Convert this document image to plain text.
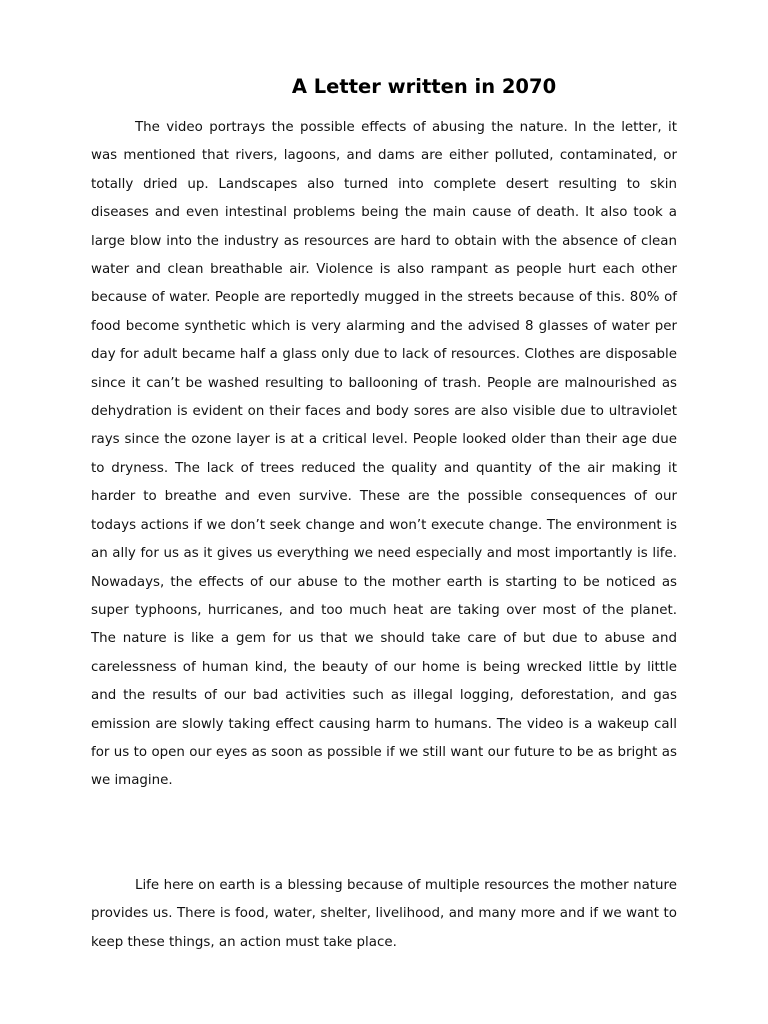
A Letter written in 2070

The video portrays the possible effects of abusing the nature. In the letter, it was mentioned that rivers, lagoons, and dams are either polluted, contaminated, or totally dried up. Landscapes also turned into complete desert resulting to skin diseases and even intestinal problems being the main cause of death. It also took a large blow into the industry as resources are hard to obtain with the absence of clean water and clean breathable air. Violence is also rampant as people hurt each other because of water. People are reportedly mugged in the streets because of this. 80% of food become synthetic which is very alarming and the advised 8 glasses of water per day for adult became half a glass only due to lack of resources. Clothes are disposable since it can’t be washed resulting to ballooning of trash. People are malnourished as dehydration is evident on their faces and body sores are also visible due to ultraviolet rays since the ozone layer is at a critical level. People looked older than their age due to dryness. The lack of trees reduced the quality and quantity of the air making it harder to breathe and even survive. These are the possible consequences of our todays actions if we don’t seek change and won’t execute change. The environment is an ally for us as it gives us everything we need especially and most importantly is life. Nowadays, the effects of our abuse to the mother earth is starting to be noticed as super typhoons, hurricanes, and too much heat are taking over most of the planet. The nature is like a gem for us that we should take care of but due to abuse and carelessness of human kind, the beauty of our home is being wrecked little by little and the results of our bad activities such as illegal logging, deforestation, and gas emission are slowly taking effect causing harm to humans. The video is a wakeup call for us to open our eyes as soon as possible if we still want our future to be as bright as we imagine.

Life here on earth is a blessing because of multiple resources the mother nature provides us. There is food, water, shelter, livelihood, and many more and if we want to keep these things, an action must take place.
